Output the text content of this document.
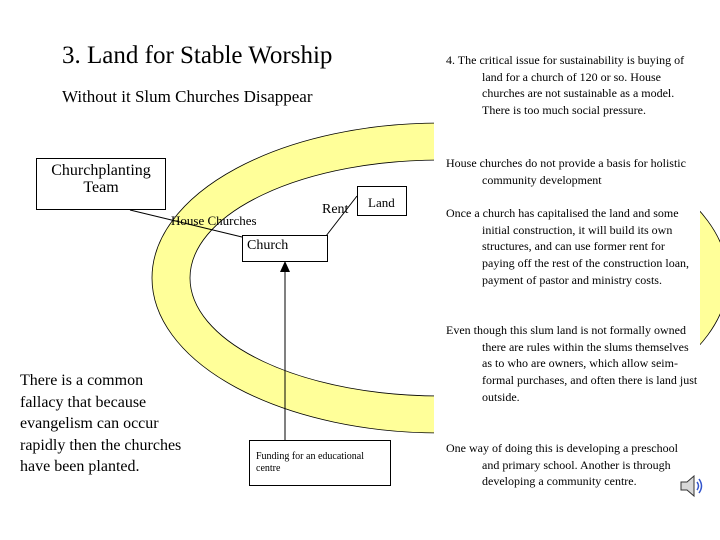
3. Land for Stable Worship
Without it Slum Churches Disappear
Churchplanting Team
Rent	Land
House Churches
Church
Funding for an educational centre
There is a common fallacy that because evangelism can occur rapidly then the churches have been planted.
4. The critical issue for sustainability is buying of land for a church of 120 or so. House churches are not sustainable as a model. There is too much social pressure.
House churches do not provide a basis for holistic community development
Once a church has capitalised the land and some initial construction, it will build its own structures, and can use former rent for paying off the rest of the construction loan, payment of pastor and ministry costs.
Even though this slum land is not formally owned there are rules within the slums themselves as to who are owners, which allow seim-formal purchases, and often there is land just outside.
One way of doing this is developing a preschool and primary school. Another is through developing a community centre.
